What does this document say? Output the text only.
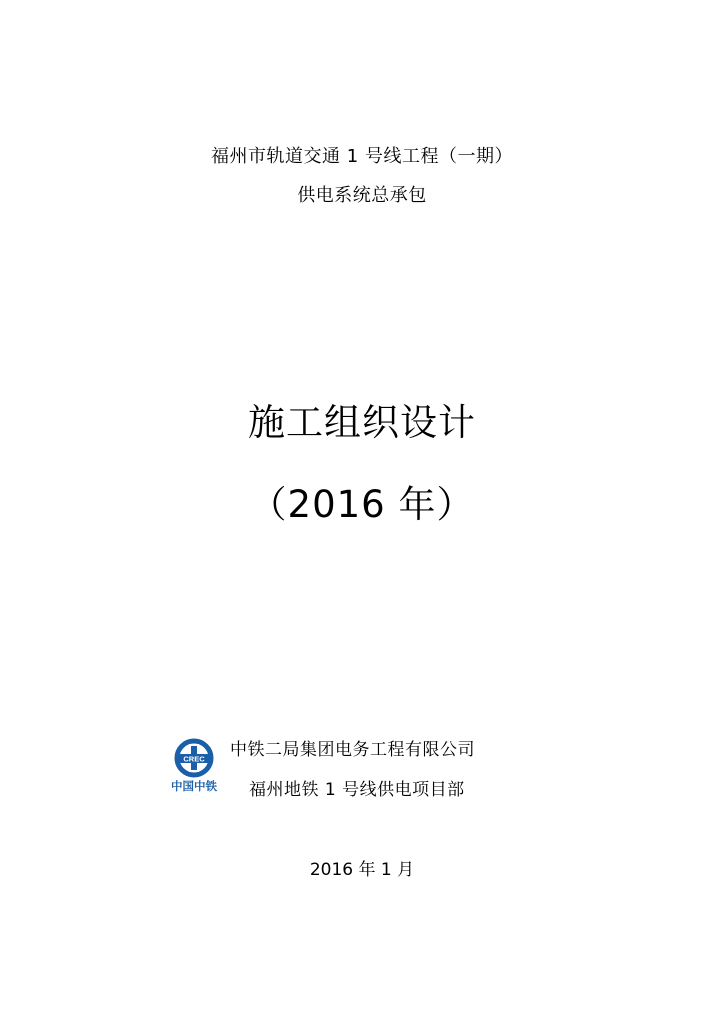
福州市轨道交通 1 号线工程（一期）
供电系统总承包
施工组织设计
（2016 年）
CREC
中国中铁
中铁二局集团电务工程有限公司
福州地铁 1 号线供电项目部
2016 年 1 月
